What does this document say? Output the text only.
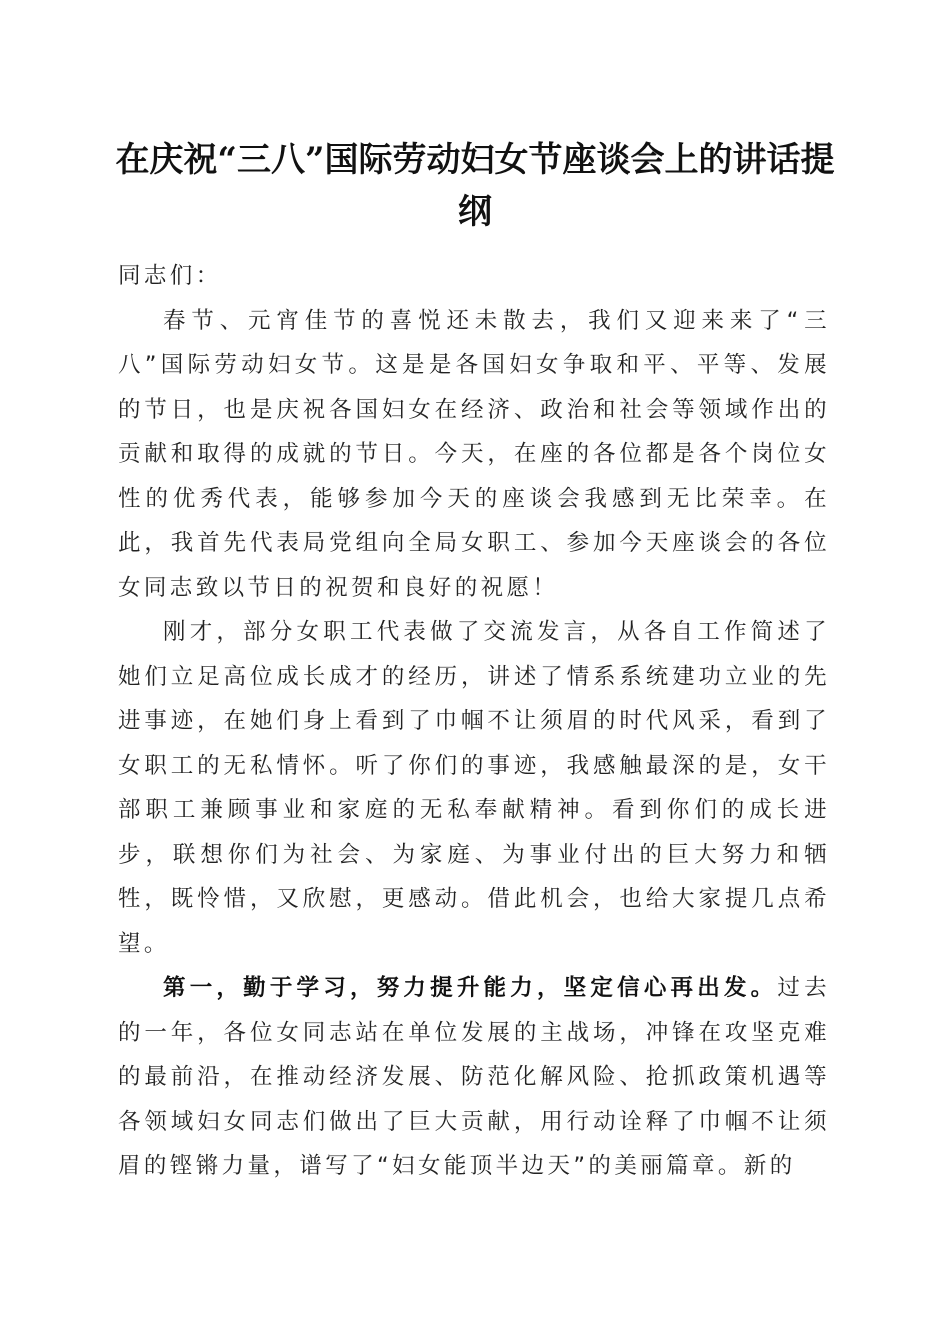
在庆祝“三八”国际劳动妇女节座谈会上的讲话提纲

同志们：

春节、元宵佳节的喜悦还未散去，我们又迎来来了“三八”国际劳动妇女节。这是是各国妇女争取和平、平等、发展的节日，也是庆祝各国妇女在经济、政治和社会等领域作出的贡献和取得的成就的节日。今天，在座的各位都是各个岗位女性的优秀代表，能够参加今天的座谈会我感到无比荣幸。在此，我首先代表局党组向全局女职工、参加今天座谈会的各位女同志致以节日的祝贺和良好的祝愿！

刚才，部分女职工代表做了交流发言，从各自工作简述了她们立足高位成长成才的经历，讲述了情系系统建功立业的先进事迹，在她们身上看到了巾帼不让须眉的时代风采，看到了女职工的无私情怀。听了你们的事迹，我感触最深的是，女干部职工兼顾事业和家庭的无私奉献精神。看到你们的成长进步，联想你们为社会、为家庭、为事业付出的巨大努力和牺牲，既怜惜，又欣慰，更感动。借此机会，也给大家提几点希望。

第一，勤于学习，努力提升能力，坚定信心再出发。过去的一年，各位女同志站在单位发展的主战场，冲锋在攻坚克难的最前沿，在推动经济发展、防范化解风险、抢抓政策机遇等各领域妇女同志们做出了巨大贡献，用行动诠释了巾帼不让须眉的铿锵力量，谱写了“妇女能顶半边天”的美丽篇章。新的
